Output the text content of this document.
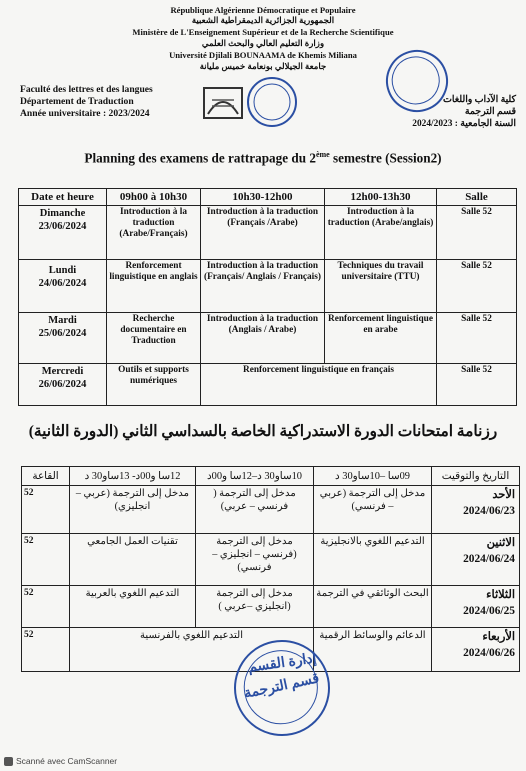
République Algérienne Démocratique et Populaire
الجمهورية الجزائرية الديمقراطية الشعبية
Ministère de L'Enseignement Supérieur et de la Recherche Scientifique
وزارة التعليم العالي والبحث العلمي
Université Djilali BOUNAAMA de Khemis Miliana
جامعة الجيلالي بونعامة خميس مليانة
Faculté des lettres et des langues
Département de Traduction
Année universitaire : 2023/2024
كلية الآداب واللغات
قسم الترجمة
السنة الجامعية : 2024/2023
Planning des examens de rattrapage du 2ème semestre (Session2)
Date et heure	09h00 à 10h30	10h30-12h00	12h00-13h30	Salle

Dimanche
23/06/2024	Introduction à la traduction (Arabe/Français)	Introduction à la traduction (Français /Arabe)	Introduction à la traduction (Arabe/anglais)	Salle 52

Lundi
24/06/2024	Renforcement linguistique en anglais	Introduction à la traduction (Français/ Anglais / Français)	Techniques du travail universitaire (TTU)	Salle 52

Mardi
25/06/2024	Recherche documentaire en Traduction	Introduction à la traduction (Anglais / Arabe)	Renforcement linguistique en arabe	Salle 52

Mercredi
26/06/2024	Outils et supports numériques	Renforcement linguistique en français		Salle 52
رزنامة امتحانات الدورة الاستدراكية الخاصة بالسداسي الثاني (الدورة الثانية)
التاريخ والتوقيت	09سا –10ساو30 د	10ساو30 د–12سا و00د	12سا و00د- 13ساو30 د	القاعة

الأحد
2024/06/23	مدخل إلى الترجمة (عربي – فرنسي)	مدخل إلى الترجمة ( فرنسي – عربي)	مدخل إلى الترجمة (عربي – انجليزي)	52

الاثنين
2024/06/24	التدعيم اللغوي بالانجليزية	مدخل إلى الترجمة (فرنسي – انجليزي – فرنسي)	تقنيات العمل الجامعي	52

الثلاثاء
2024/06/25	البحث الوثائقي في الترجمة	مدخل إلى الترجمة (انجليزي –عربي )	التدعيم اللغوي بالعربية	52

الأربعاء
2024/06/26	الدعائم والوسائط الرقمية	التدعيم اللغوي بالفرنسية		52
قسم الترجمة
إدارة القسم
Scanné avec CamScanner
